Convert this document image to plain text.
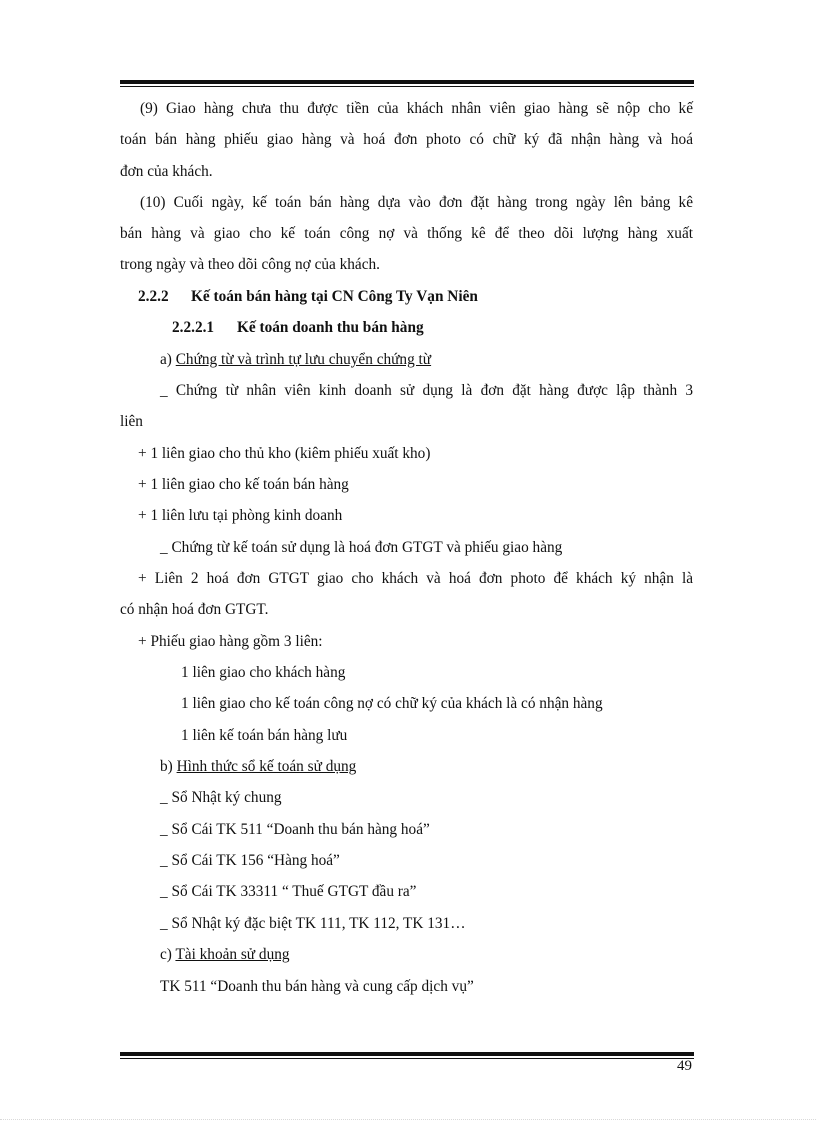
(9) Giao hàng chưa thu được tiền của khách nhân viên giao hàng sẽ nộp cho kế
toán bán hàng phiếu giao hàng và hoá đơn photo có chữ ký đã nhận hàng và hoá
đơn của khách.
(10) Cuối ngày, kế toán bán hàng dựa vào đơn đặt hàng trong ngày lên bảng kê
bán hàng và giao cho kế toán công nợ và thống kê để theo dõi lượng hàng xuất
trong ngày và theo dõi công nợ của khách.
2.2.2 Kế toán bán hàng tại CN Công Ty Vạn Niên
2.2.2.1 Kế toán doanh thu bán hàng
a) Chứng từ và trình tự lưu chuyển chứng từ
_ Chứng từ nhân viên kinh doanh sử dụng là đơn đặt hàng được lập thành 3
liên
+ 1 liên giao cho thủ kho (kiêm phiếu xuất kho)
+ 1 liên giao cho kế toán bán hàng
+ 1 liên lưu tại phòng kinh doanh
_ Chứng từ kế toán sử dụng là hoá đơn GTGT và phiếu giao hàng
+ Liên 2 hoá đơn GTGT giao cho khách và hoá đơn photo để khách ký nhận là
có nhận hoá đơn GTGT.
+ Phiếu giao hàng gồm 3 liên:
1 liên giao cho khách hàng
1 liên giao cho kế toán công nợ có chữ ký của khách là có nhận hàng
1 liên kế toán bán hàng lưu
b) Hình thức sổ kế toán sử dụng
_ Sổ Nhật ký chung
_ Sổ Cái TK 511 “Doanh thu bán hàng hoá”
_ Sổ Cái TK 156 “Hàng hoá”
_ Sổ Cái TK 33311 “ Thuế GTGT đầu ra”
_ Sổ Nhật ký đặc biệt TK 111, TK 112, TK 131…
c) Tài khoản sử dụng
TK 511 “Doanh thu bán hàng và cung cấp dịch vụ”
49
